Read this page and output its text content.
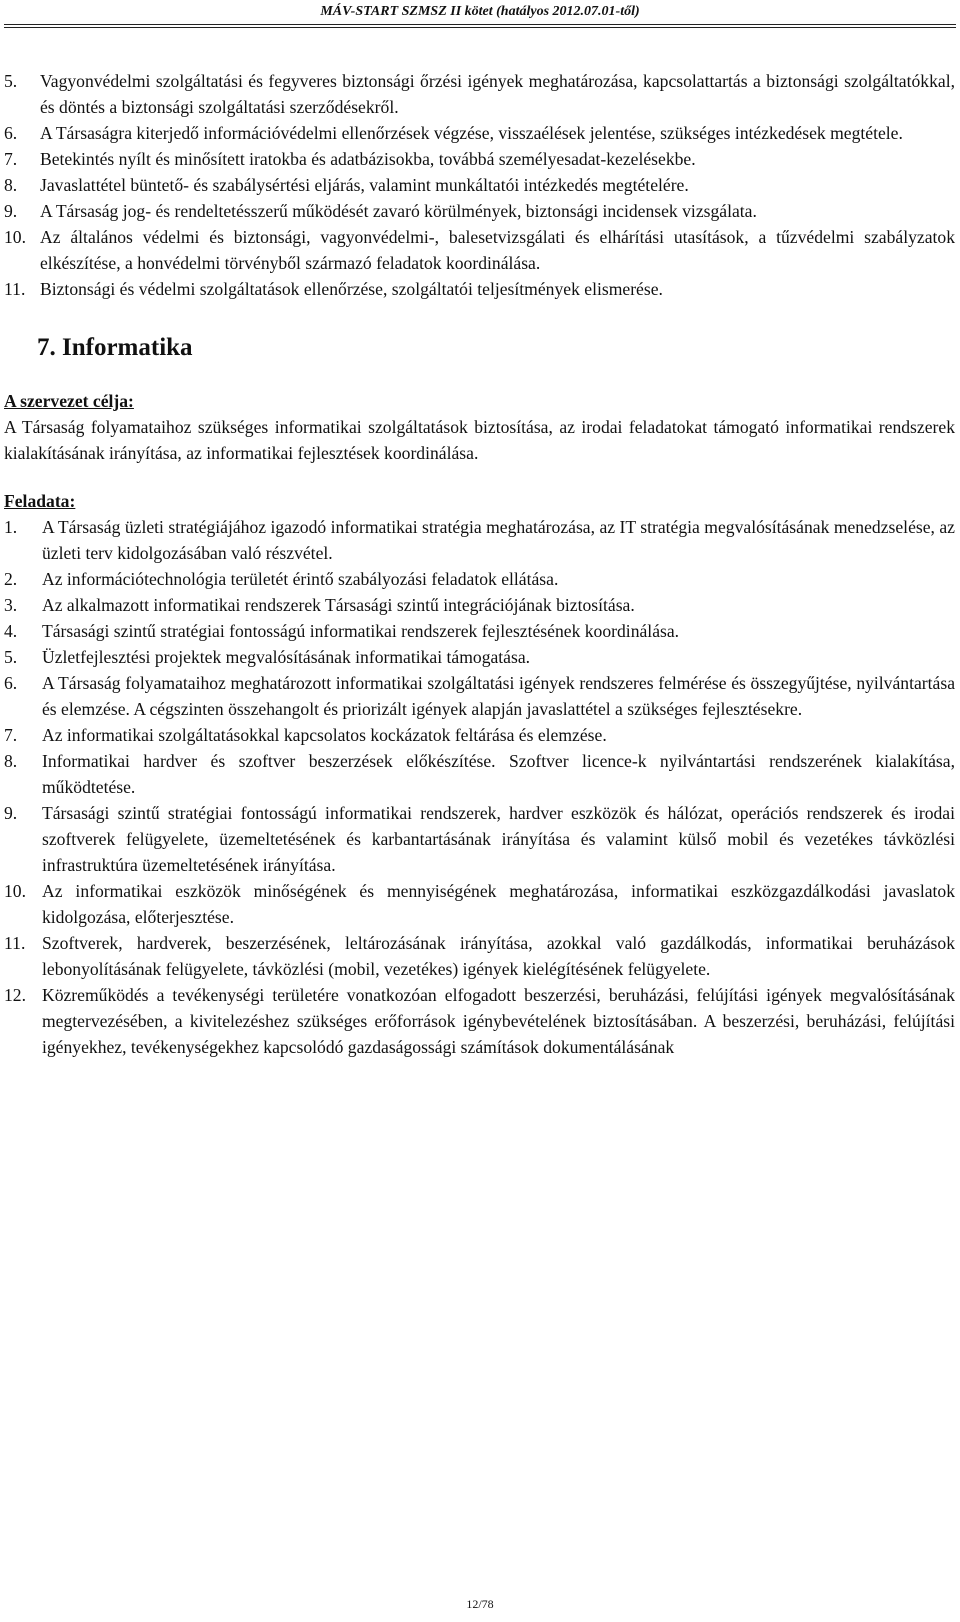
MÁV-START SZMSZ II kötet (hatályos 2012.07.01-től)
5. Vagyonvédelmi szolgáltatási és fegyveres biztonsági őrzési igények meghatározása, kapcsolattartás a biztonsági szolgáltatókkal, és döntés a biztonsági szolgáltatási szerződésekről.
6. A Társaságra kiterjedő információvédelmi ellenőrzések végzése, visszaélések jelentése, szükséges intézkedések megtétele.
7. Betekintés nyílt és minősített iratokba és adatbázisokba, továbbá személyesadat-kezelésekbe.
8. Javaslattétel büntető- és szabálysértési eljárás, valamint munkáltatói intézkedés megtételére.
9. A Társaság jog- és rendeltetésszerű működését zavaró körülmények, biztonsági incidensek vizsgálata.
10. Az általános védelmi és biztonsági, vagyonvédelmi-, balesetvizsgálati és elhárítási utasítások, a tűzvédelmi szabályzatok elkészítése, a honvédelmi törvényből származó feladatok koordinálása.
11. Biztonsági és védelmi szolgáltatások ellenőrzése, szolgáltatói teljesítmények elismerése.
7. Informatika
A szervezet célja:
A Társaság folyamataihoz szükséges informatikai szolgáltatások biztosítása, az irodai feladatokat támogató informatikai rendszerek kialakításának irányítása, az informatikai fejlesztések koordinálása.
Feladata:
1. A Társaság üzleti stratégiájához igazodó informatikai stratégia meghatározása, az IT stratégia megvalósításának menedzselése, az üzleti terv kidolgozásában való részvétel.
2. Az információtechnológia területét érintő szabályozási feladatok ellátása.
3. Az alkalmazott informatikai rendszerek Társasági szintű integrációjának biztosítása.
4. Társasági szintű stratégiai fontosságú informatikai rendszerek fejlesztésének koordinálása.
5. Üzletfejlesztési projektek megvalósításának informatikai támogatása.
6. A Társaság folyamataihoz meghatározott informatikai szolgáltatási igények rendszeres felmérése és összegyűjtése, nyilvántartása és elemzése. A cégszinten összehangolt és priorizált igények alapján javaslattétel a szükséges fejlesztésekre.
7. Az informatikai szolgáltatásokkal kapcsolatos kockázatok feltárása és elemzése.
8. Informatikai hardver és szoftver beszerzések előkészítése. Szoftver licence-k nyilvántartási rendszerének kialakítása, működtetése.
9. Társasági szintű stratégiai fontosságú informatikai rendszerek, hardver eszközök és hálózat, operációs rendszerek és irodai szoftverek felügyelete, üzemeltetésének és karbantartásának irányítása és valamint külső mobil és vezetékes távközlési infrastruktúra üzemeltetésének irányítása.
10. Az informatikai eszközök minőségének és mennyiségének meghatározása, informatikai eszközgazdálkodási javaslatok kidolgozása, előterjesztése.
11. Szoftverek, hardverek, beszerzésének, leltározásának irányítása, azokkal való gazdálkodás, informatikai beruházások lebonyolításának felügyelete, távközlési (mobil, vezetékes) igények kielégítésének felügyelete.
12. Közreműködés a tevékenységi területére vonatkozóan elfogadott beszerzési, beruházási, felújítási igények megvalósításának megtervezésében, a kivitelezéshez szükséges erőforrások igénybevételének biztosításában. A beszerzési, beruházási, felújítási igényekhez, tevékenységekhez kapcsolódó gazdaságossági számítások dokumentálásának
12/78
